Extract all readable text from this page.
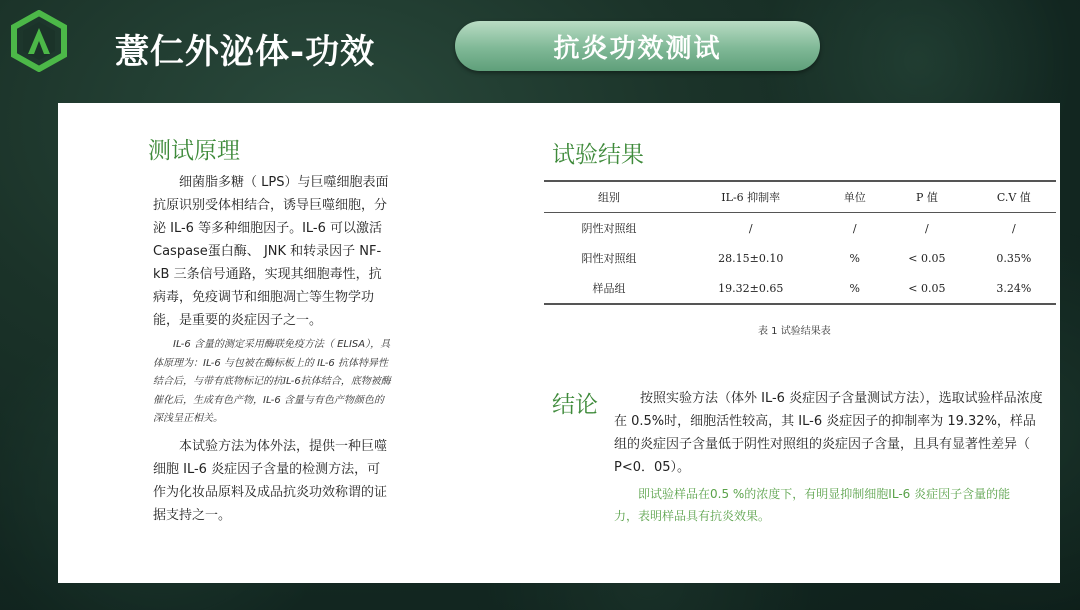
薏仁外泌体-功效	抗炎功效测试
测试原理
细菌脂多糖（ LPS）与巨噬细胞表面抗原识别受体相结合，诱导巨噬细胞，分泌 IL-6 等多种细胞因子。IL-6 可以激活Caspase蛋白酶、 JNK 和转录因子 NF-kB 三条信号通路，实现其细胞毒性，抗病毒，免疫调节和细胞凋亡等生物学功能，是重要的炎症因子之一。
IL-6 含量的测定采用酶联免疫方法（ ELISA），具体原理为：IL-6 与包被在酶标板上的 IL-6 抗体特异性结合后，与带有底物标记的抗IL-6抗体结合，底物被酶催化后，生成有色产物，IL-6 含量与有色产物颜色的深浅呈正相关。
本试验方法为体外法，提供一种巨噬细胞 IL-6 炎症因子含量的检测方法，可作为化妆品原料及成品抗炎功效称谓的证据支持之一。
试验结果
组别	IL-6 抑制率	单位	P 值	C.V 值
阴性对照组	/	/	/	/
阳性对照组	28.15±0.10	%	< 0.05	0.35%
样品组	19.32±0.65	%	< 0.05	3.24%
表 1 试验结果表
结论	按照实验方法（体外 IL-6 炎症因子含量测试方法），选取试验样品浓度在 0.5%时，细胞活性较高，其 IL-6 炎症因子的抑制率为 19.32%，样品组的炎症因子含量低于阴性对照组的炎症因子含量，且具有显著性差异（ P<0．05）。
即试验样品在0.5 %的浓度下，有明显抑制细胞IL-6 炎症因子含量的能力，表明样品具有抗炎效果。
